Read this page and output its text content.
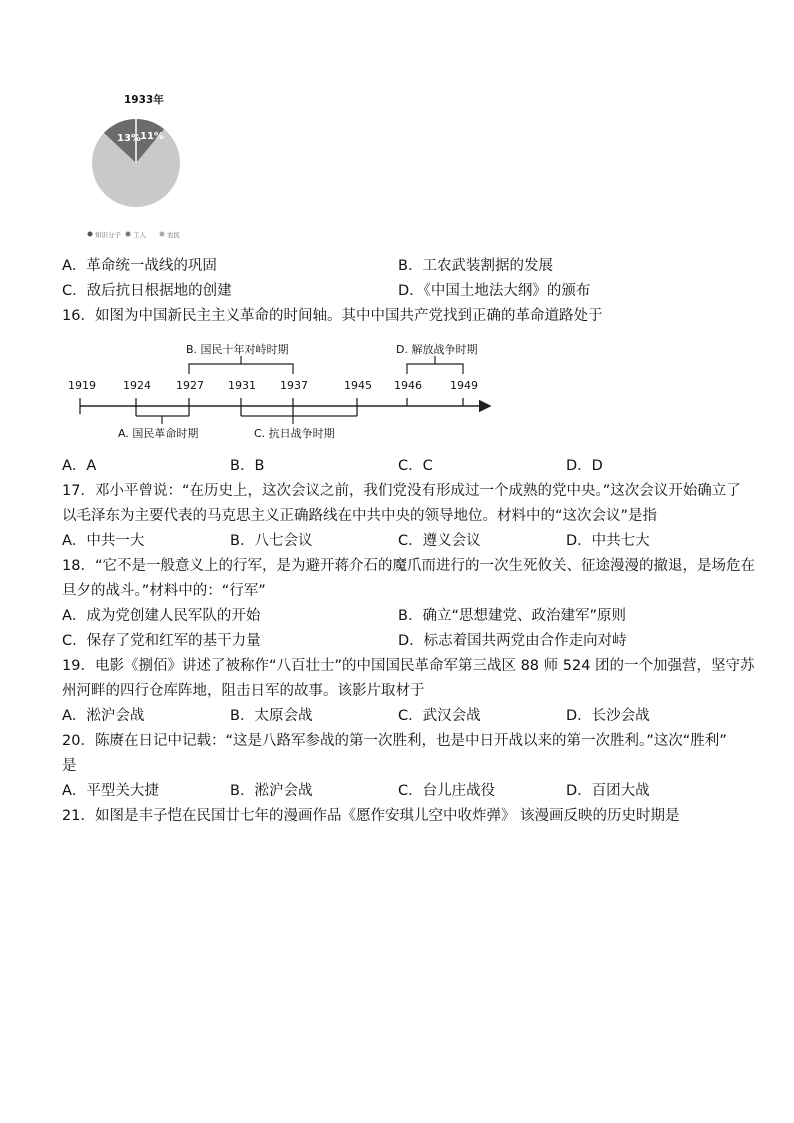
1933年
13% 11%
知识分子 工人	农民
A．革命统一战线的巩固	B．工农武装割据的发展
C．敌后抗日根据地的创建	D．《中国土地法大纲》的颁布
16．如图为中国新民主主义革命的时间轴。其中中国共产党找到正确的革命道路处于
1919 1924 1927 1931 1937	1945 1946	1949
B. 国民十年对峙时期	D. 解放战争时期
A. 国民革命时期	C. 抗日战争时期
A．A	B．B	C．C	D．D
17．邓小平曾说：“在历史上，这次会议之前，我们党没有形成过一个成熟的党中央。”这次会议开始确立了
以毛泽东为主要代表的马克思主义正确路线在中共中央的领导地位。材料中的“这次会议”是指
A．中共一大	B．八七会议	C．遵义会议	D．中共七大
18．“它不是一般意义上的行军，是为避开蒋介石的魔爪而进行的一次生死攸关、征途漫漫的撤退，是场危在
旦夕的战斗。”材料中的：“行军”
A．成为党创建人民军队的开始	B．确立“思想建党、政治建军”原则
C．保存了党和红军的基干力量	D．标志着国共两党由合作走向对峙
19．电影《捌佰》讲述了被称作“八百壮士”的中国国民革命军第三战区 88 师 524 团的一个加强营，坚守苏
州河畔的四行仓库阵地，阻击日军的故事。该影片取材于
A．淞沪会战	B．太原会战	C．武汉会战	D．长沙会战
20．陈赓在日记中记载：“这是八路军参战的第一次胜利，也是中日开战以来的第一次胜利。”这次“胜利”
是
A．平型关大捷	B．淞沪会战	C．台儿庄战役	D．百团大战
21．如图是丰子恺在民国廿七年的漫画作品《愿作安琪儿空中收炸弹》 该漫画反映的历史时期是
